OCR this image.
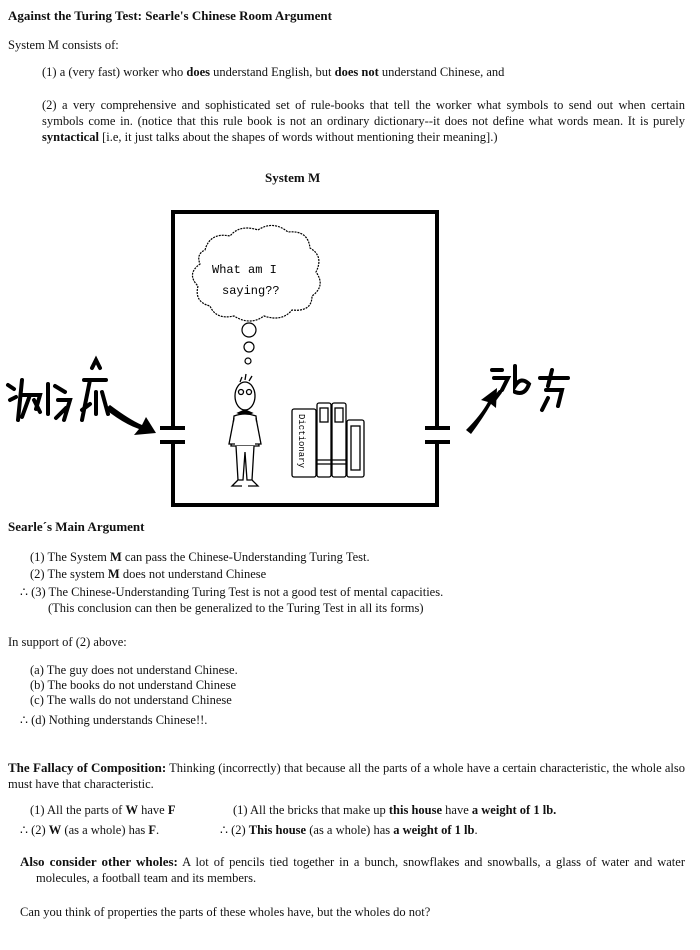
Against the Turing Test: Searle's Chinese Room Argument
System M consists of:
(1) a (very fast) worker who does understand English, but does not understand Chinese, and
(2) a very comprehensive and sophisticated set of rule-books that tell the worker what symbols to send out when certain symbols come in. (notice that this rule book is not an ordinary dictionary--it does not define what words mean. It is purely syntactical [i.e, it just talks about the shapes of words without mentioning their meaning].)
System M
What am I
saying??
Dictionary
Searle´s Main Argument
(1) The System M can pass the Chinese-Understanding Turing Test.
(2) The system M does not understand Chinese
∴ (3) The Chinese-Understanding Turing Test is not a good test of mental capacities.
(This conclusion can then be generalized to the Turing Test in all its forms)
In support of (2) above:
(a) The guy does not understand Chinese.
(b) The books do not understand Chinese
(c) The walls do not understand Chinese
∴ (d) Nothing understands Chinese!!.
The Fallacy of Composition: Thinking (incorrectly) that because all the parts of a whole have a certain characteristic, the whole also must have that characteristic.
(1) All the parts of W have F
∴ (2) W (as a whole) has F.
(1) All the bricks that make up this house have a weight of 1 lb.
∴ (2) This house (as a whole) has a weight of 1 lb.
Also consider other wholes: A lot of pencils tied together in a bunch, snowflakes and snowballs, a glass of water and water molecules, a football team and its members.
Can you think of properties the parts of these wholes have, but the wholes do not?
